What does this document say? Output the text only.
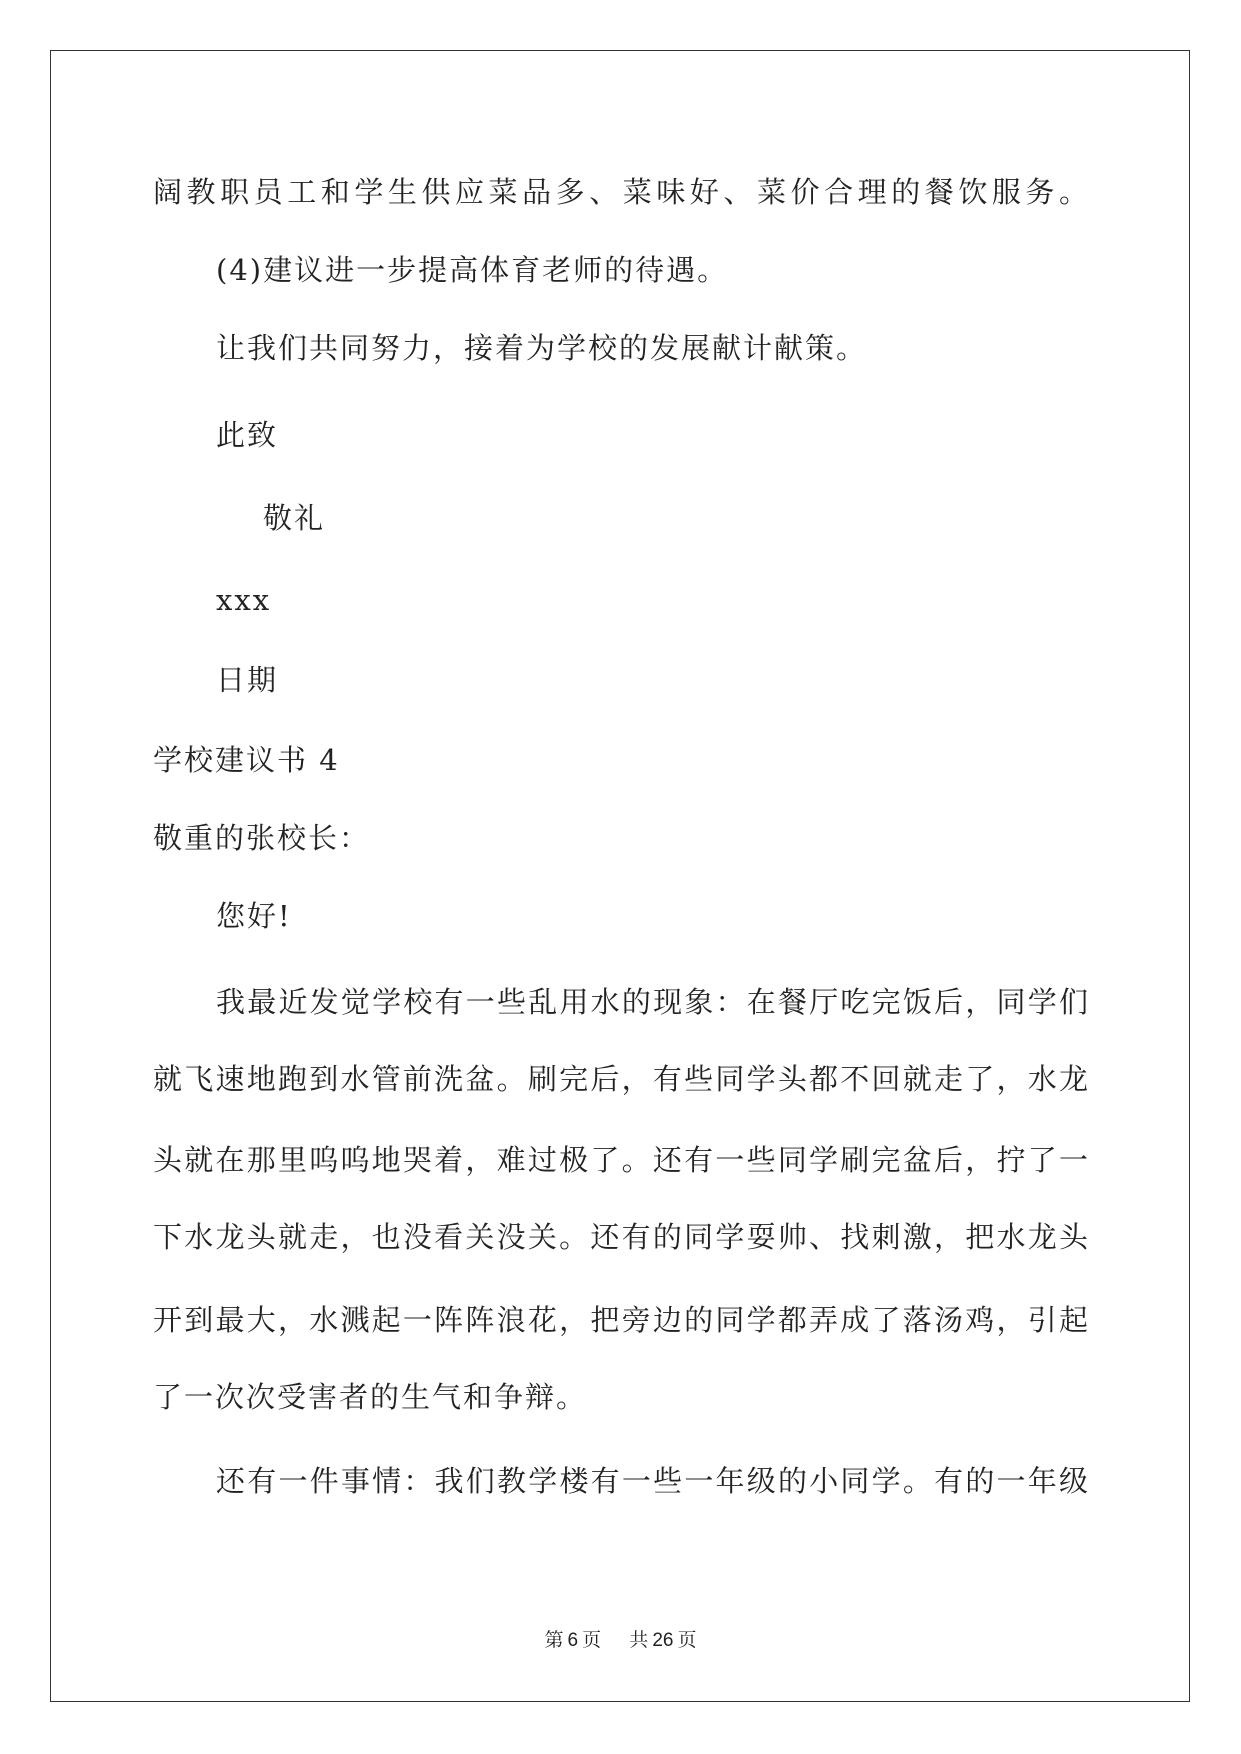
阔教职员工和学生供应菜品多、菜味好、菜价合理的餐饮服务。
(4)建议进一步提高体育老师的待遇。
让我们共同努力，接着为学校的发展献计献策。
此致
敬礼
xxx
日期
学校建议书 4
敬重的张校长：
您好!
我最近发觉学校有一些乱用水的现象：在餐厅吃完饭后，同学们
就飞速地跑到水管前洗盆。刷完后，有些同学头都不回就走了，水龙
头就在那里呜呜地哭着，难过极了。还有一些同学刷完盆后，拧了一
下水龙头就走，也没看关没关。还有的同学耍帅、找刺激，把水龙头
开到最大，水溅起一阵阵浪花，把旁边的同学都弄成了落汤鸡，引起
了一次次受害者的生气和争辩。
还有一件事情：我们教学楼有一些一年级的小同学。有的一年级
第 6 页 共 26 页
